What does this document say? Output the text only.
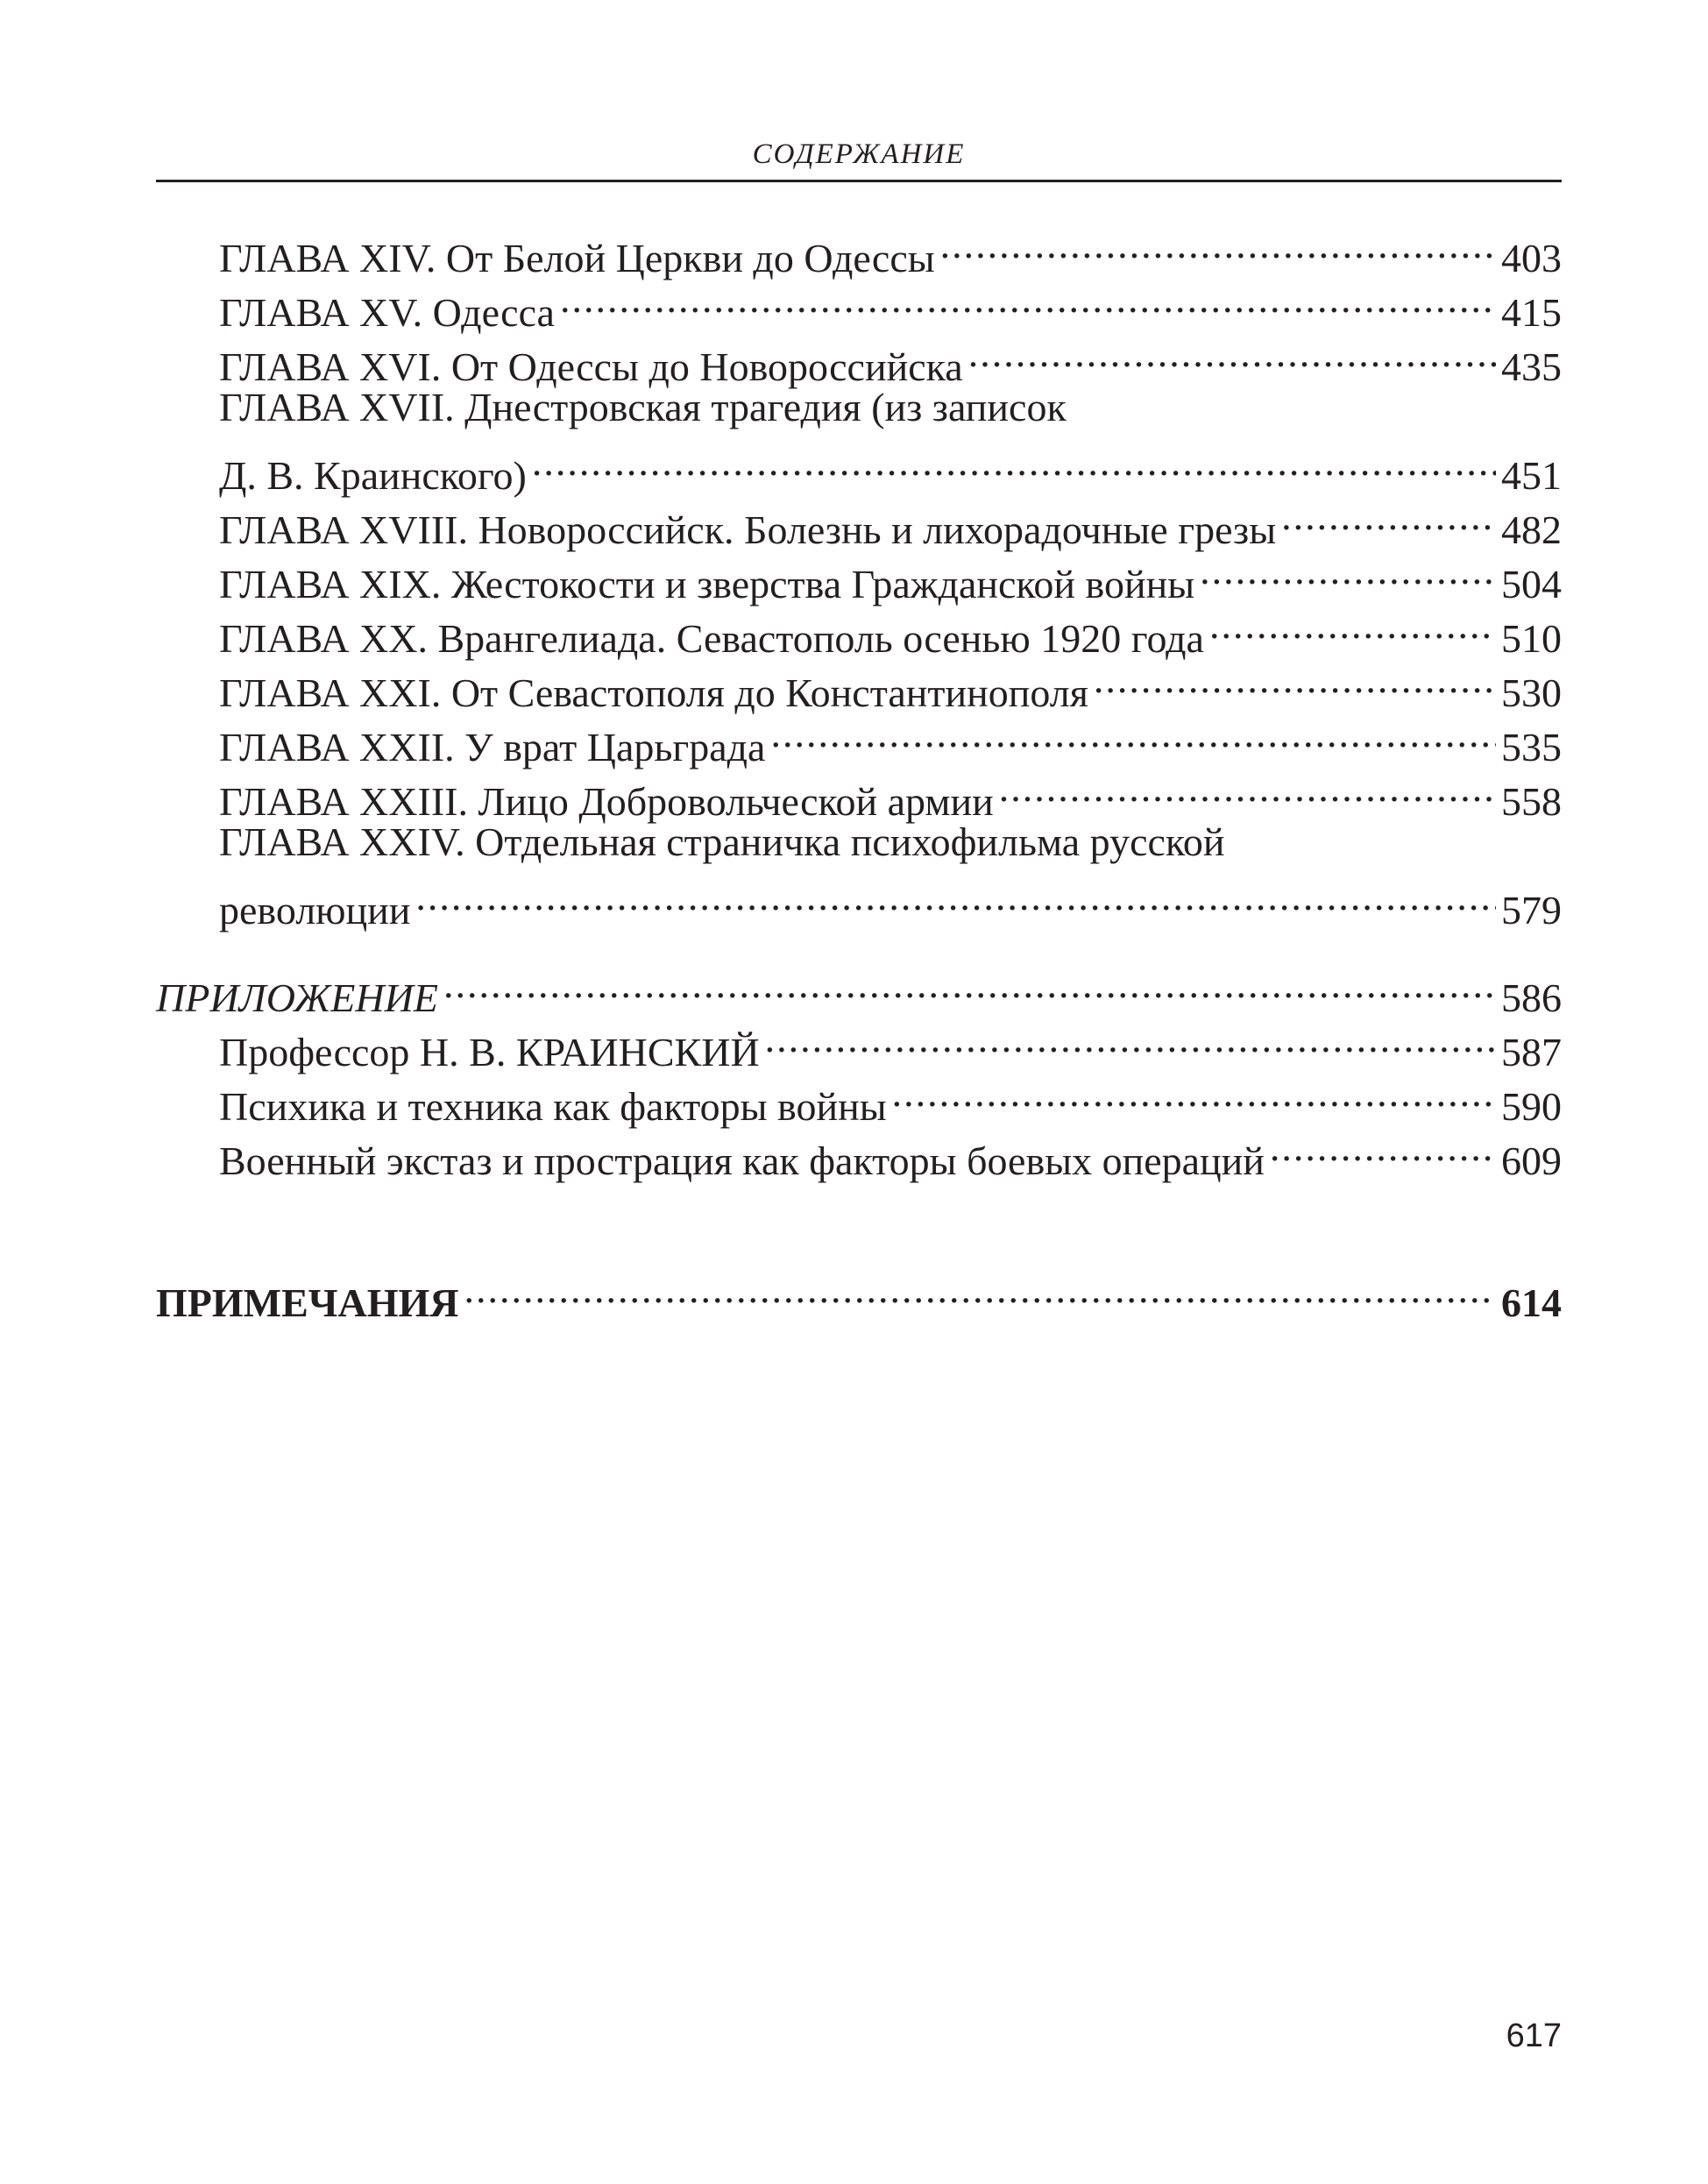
СОДЕРЖАНИЕ
ГЛАВА XIV. От Белой Церкви до Одессы .....	403
ГЛАВА XV. Одесса .....	415
ГЛАВА XVI. От Одессы до Новороссийска .....	435
ГЛАВА XVII. Днестровская трагедия (из записок
Д. В. Краинского) .....	451
ГЛАВА XVIII. Новороссийск. Болезнь и лихорадочные грезы .....	482
ГЛАВА XIX. Жестокости и зверства Гражданской войны .....	504
ГЛАВА XX. Врангелиада. Севастополь осенью 1920 года .....	510
ГЛАВА XXI. От Севастополя до Константинополя .....	530
ГЛАВА XXII. У врат Царьграда .....	535
ГЛАВА XXIII. Лицо Добровольческой армии .....	558
ГЛАВА XXIV. Отдельная страничка психофильма русской
революции .....	579
ПРИЛОЖЕНИЕ .....	586
Профессор Н. В. КРАИНСКИЙ .....	587
Психика и техника как факторы войны .....	590
Военный экстаз и прострация как факторы боевых операций .....	609
ПРИМЕЧАНИЯ .....	614
617
